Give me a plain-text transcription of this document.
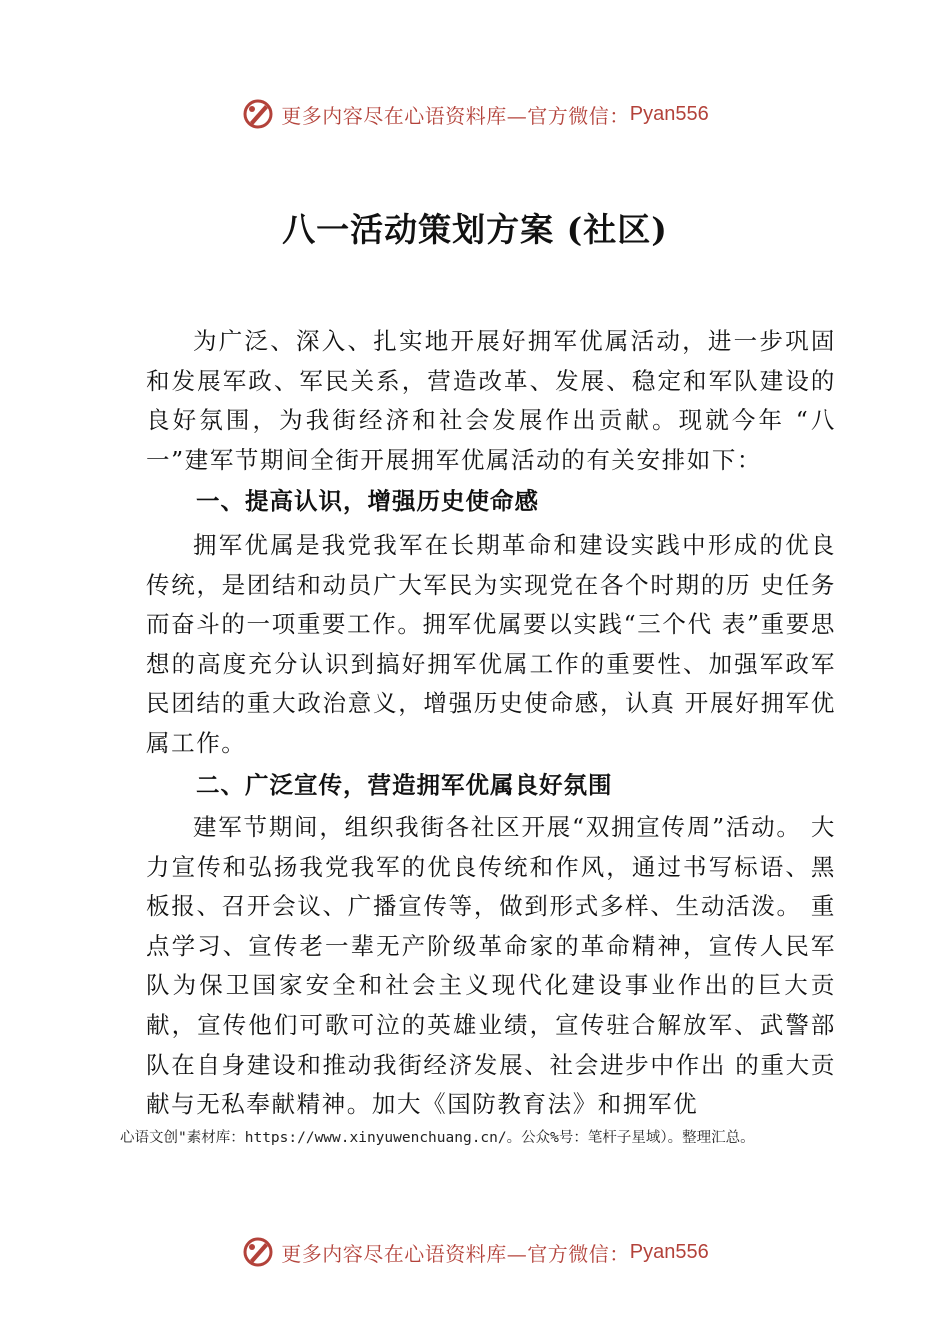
更多内容尽在心语资料库—官方微信： Pyan556
八一活动策划方案 (社区)
为广泛、深入、扎实地开展好拥军优属活动，进一步巩固和发展军政、军民关系，营造改革、发展、稳定和军队建设的良好氛围，为我街经济和社会发展作出贡献。现就今年 “八一”建军节期间全街开展拥军优属活动的有关安排如下：
一、提高认识，增强历史使命感
拥军优属是我党我军在长期革命和建设实践中形成的优良传统，是团结和动员广大军民为实现党在各个时期的历 史任务而奋斗的一项重要工作。拥军优属要以实践“三个代 表”重要思想的高度充分认识到搞好拥军优属工作的重要性、加强军政军民团结的重大政治意义，增强历史使命感，认真 开展好拥军优属工作。
二、广泛宣传，营造拥军优属良好氛围
建军节期间，组织我街各社区开展“双拥宣传周”活动。 大力宣传和弘扬我党我军的优良传统和作风，通过书写标语、黑板报、召开会议、广播宣传等，做到形式多样、生动活泼。 重点学习、宣传老一辈无产阶级革命家的革命精神，宣传人民军队为保卫国家安全和社会主义现代化建设事业作出的巨大贡献，宣传他们可歌可泣的英雄业绩，宣传驻合解放军、武警部队在自身建设和推动我街经济发展、社会进步中作出 的重大贡献与无私奉献精神。加大《国防教育法》和拥军优
心语文创"素材库：https://www.xinyuwenchuang.cn/。公众%号：笔杆子星域）。整理汇总。
更多内容尽在心语资料库—官方微信： Pyan556
